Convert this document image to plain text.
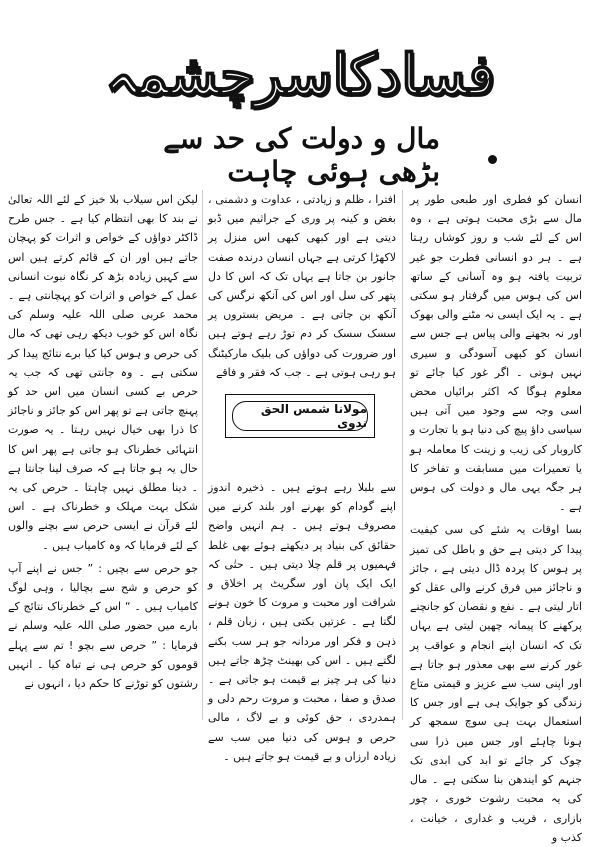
فسادکاسرچشمہ
مال و دولت کی حد سے بڑھی ہوئی چاہت

انسان کو فطری اور طبعی طور پر مال سے بڑی محبت ہوتی ہے ، وہ اس کے لئے شب و روز کوشاں رہتا ہے ۔ ہر دو انسانی فطرت جو غیر تربیت یافتہ ہو وہ آسانی کے ساتھ اس کی ہوس میں گرفتار ہو سکتی ہے ۔ یہ ایک ایسی نہ مٹنے والی بھوک اور نہ بجھنے والی پیاس ہے جس سے انسان کو کبھی آسودگی و سیری نہیں ہوتی ۔ اگر غور کیا جائے تو معلوم ہوگا کہ اکثر برائیاں محض اسی وجہ سے وجود میں آتی ہیں سیاسی داؤ پیچ کی دنیا ہو یا تجارت و کاروبار کی زیب و زینت کا معاملہ ہو یا تعمیرات میں مسابقت و تفاخر کا ہر جگہ یہی مال و دولت کی ہوس ہے ۔

بسا اوقات یہ شئے کی سی کیفیت پیدا کر دیتی ہے حق و باطل کی تمیز پر ہوس کا پردہ ڈال دیتی ہے ، جائز و ناجائز میں فرق کرنے والی عقل کو اتار لیتی ہے ۔ نفع و نقصان کو جانچنے پرکھنے کا پیمانہ چھین لیتی ہے یہاں تک کہ انسان اپنے انجام و عواقب پر غور کرنے سے بھی معذور ہو جاتا ہے اور اپنی سب سے عزیز و قیمتی متاع زندگی کو جوایک ہی ہے اور جس کا استعمال بہت ہی سوچ سمجھ کر ہونا چاہئے اور جس میں ذرا سی چوک کر جائے تو ابد کی ابدی تک جنہم کو ایندھن بنا سکتی ہے ۔ مال کی یہ محبت رشوت خوری ، چور بازاری ، فریب و غداری ، خیانت ، کذب و

افترا ، ظلم و زیادتی ، عداوت و دشمنی ، بغض و کینہ پر وری کے جراثیم میں ڈبو دیتی ہے اور کبھی کبھی اس منزل پر لاکھڑا کرتی ہے جہاں انسان درندہ صفت جانور بن جاتا ہے یہاں تک کہ اس کا دل پتھر کی سل اور اس کی آنکھ نرگس کی آنکھ بن جاتی ہے ۔ مریض بستروں پر سسک سسک کر دم توڑ رہے ہوتے ہیں اور ضرورت کی دواؤں کی بلیک مارکیٹنگ ہو رہی ہوتی ہے ۔ جب کہ فقر و فاقے

سے بلبلا رہے ہوتے ہیں ۔ ذخیرہ اندوز اپنے گودام کو بھرنے اور بلند کرنے میں مصروف ہوتے ہیں ۔ ہم انہیں واضح حقائق کی بنیاد پر دیکھتے ہوئے بھی غلط فہمیوں پر قلم چلا دیتی ہیں ۔ حتٰی کہ ایک ایک پان اور سگریٹ پر اخلاق و شرافت اور محبت و مروت کا خون ہونے لگتا ہے ۔ عزتیں بکتی ہیں ، زبان قلم ، ذہن و فکر اور مردانہ جو ہر سب بکنے لگتے ہیں ۔ اس کی بھینٹ چڑھ جاتے ہیں دنیا کی ہر چیز بے قیمت ہو جاتی ہے ۔ صدق و صفا ، محبت و مروت رحم دلی و ہمدردی ، حق کوئی و بے لاگ ، مالی حرص و ہوس کی دنیا میں سب سے زیادہ ارزاں و بے قیمت ہو جاتے ہیں ۔

مولانا شمس الحق ندوی

لیکن اس سیلاب بلا خیز کے لئے اللہ تعالیٰ نے بند کا بھی انتظام کیا ہے ۔ جس طرح ڈاکٹر دواؤں کے خواص و اثرات کو پہچان جاتے ہیں اور ان کے قائم کرتے ہیں اس سے کہیں زیادہ بڑھ کر نگاہ نبوت انسانی عمل کے خواص و اثرات کو پہچانتی ہے ۔ محمد عربی صلی اللہ علیہ وسلم کی نگاہ اس کو خوب دیکھ رہی تھی کہ مال کی حرص و ہوس کیا کیا برے نتائج پیدا کر سکتی ہے ۔ وہ جانتی تھی کہ جب یہ حرص بے کسی انسان میں اس حد کو پہنچ جاتی ہے تو پھر اس کو جائز و ناجائز کا ذرا بھی خیال نہیں رہتا ۔ یہ صورت انتہائی خطرناک ہو جاتی ہے پھر اس کا حال یہ ہو جاتا ہے کہ صرف لینا جانتا ہے ۔ دینا مطلق نہیں چاہتا ۔ حرص کی یہ شکل بہت مہلک و خطرناک ہے ۔ اس لئے قرآن نے ایسی حرص سے بچنے والوں کے لئے فرمایا کہ وہ کامیاب ہیں ۔

جو حرص سے بچیں : ” جس نے اپنے آپ کو حرص و شح سے بچالیا ، وہی لوگ کامیاب ہیں ۔ “ اس کے خطرناک نتائج کے بارے میں حضور صلی اللہ علیہ وسلم نے فرمایا : ” حرص سے بچو ! تم سے پہلے قوموں کو حرص ہی نے تباہ کیا ۔ انہیں رشتوں کو توڑنے کا حکم دیا ، انہوں نے
